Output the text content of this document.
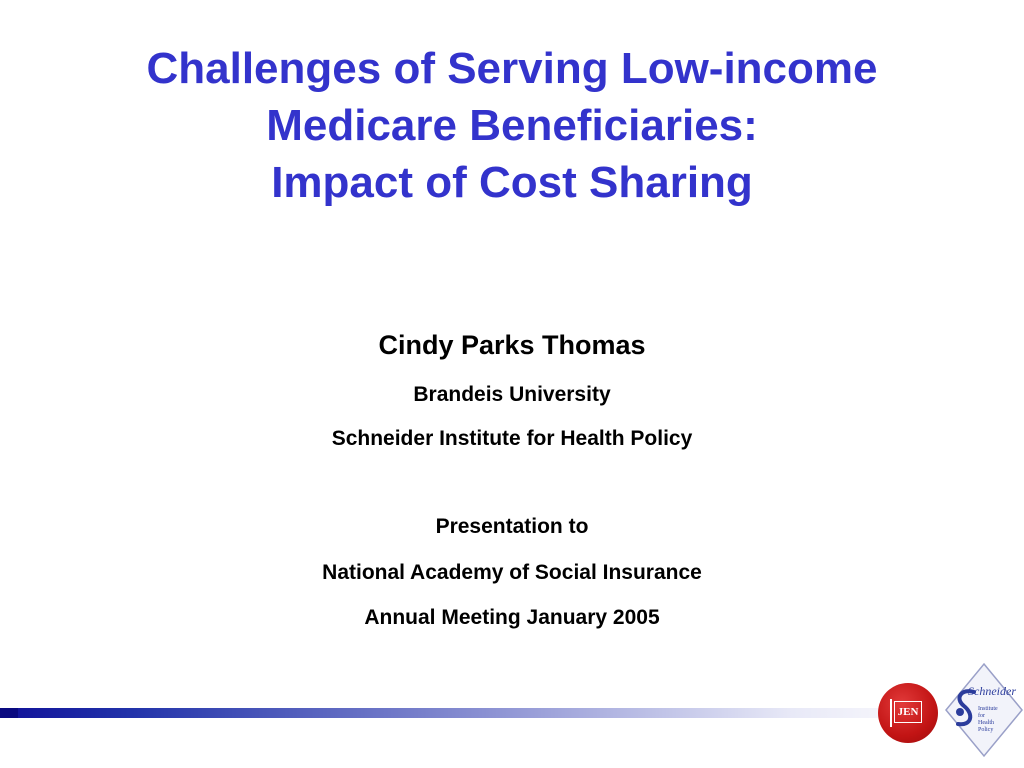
Challenges of Serving Low-income
Medicare Beneficiaries:
Impact of Cost Sharing
Cindy Parks Thomas
Brandeis University
Schneider Institute for Health Policy
Presentation to
National Academy of Social Insurance
Annual Meeting January 2005
JEN
Schneider
Institute
for
Health
Policy
